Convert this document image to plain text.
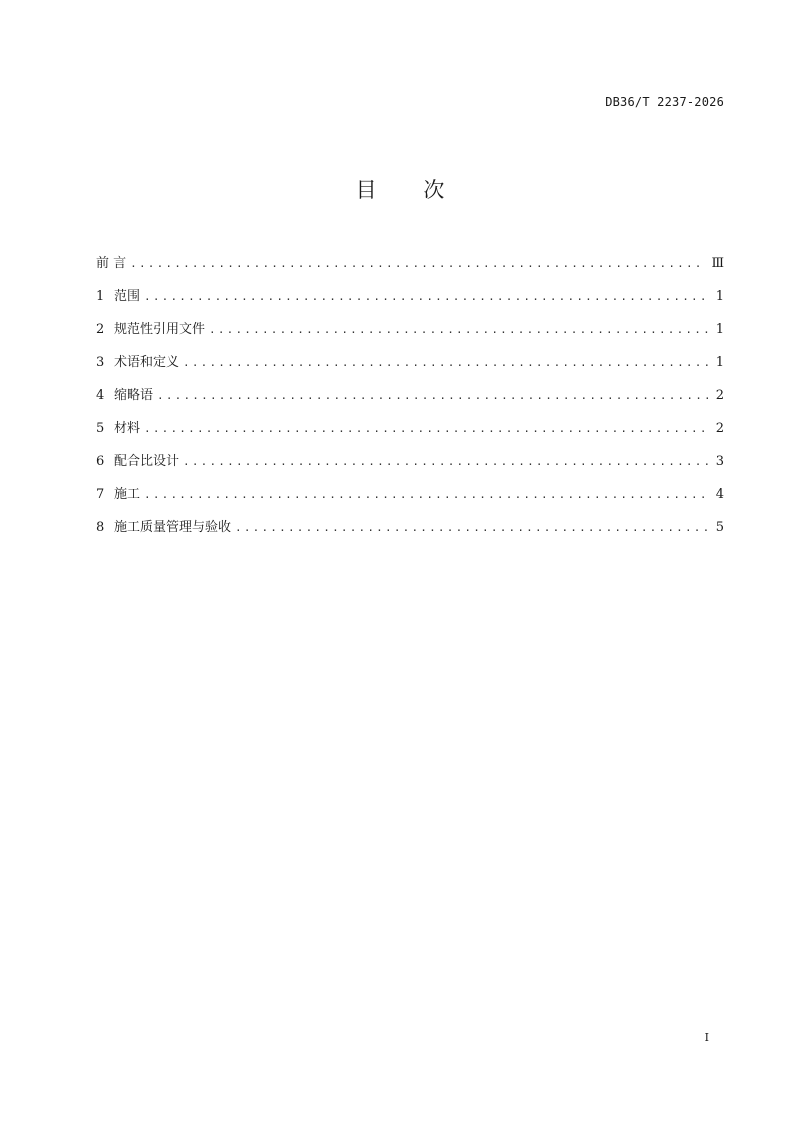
DB36/T 2237-2026
目 次
前 言 .....	Ⅲ
1 范围 .....	1
2 规范性引用文件 .....	1
3 术语和定义 .....	1
4 缩略语 .....	2
5 材料 .....	2
6 配合比设计 .....	3
7 施工 .....	4
8 施工质量管理与验收 .....	5
I
